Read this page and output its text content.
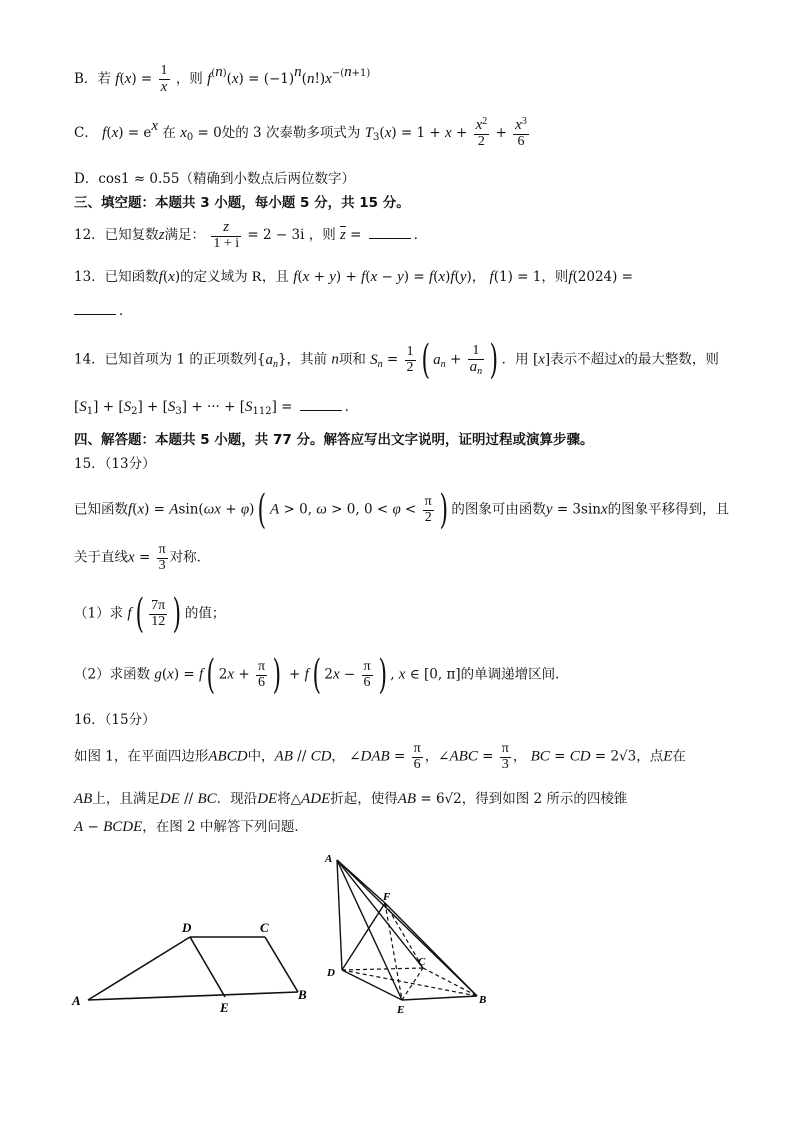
B．若 $f(x) = \frac{1}{x}$ ，则 $f^{(n)}(x) = (-1)^n(n!)x^{-(n+1)}$
C． $f(x) = e^x$ 在 $x_0 = 0$处的 3 次泰勒多项式为 $T_3(x) = 1 + x + \frac{x^2}{2} + \frac{x^3}{6}$
D．cos1 ≈ 0.55（精确到小数点后两位数字）
三、填空题：本题共 3 小题，每小题 5 分，共 15 分。
12．已知复数z满足： $\frac{z}{1 + i} = 2 - 3i$ ，则 $\overline{z}$ =	．
13．已知函数f(x)的定义域为 R，且 f(x + y) + f(x − y) = f(x)f(y)， f(1) = 1，则f(2024) =
．
14．已知首项为 1 的正项数列$\{a_n\}$，其前 n项和 $S_n = \frac{1}{2}$ ( $a_n + \frac{1}{a_n}$ ) ．用 [x]表示不超过x的最大整数，则
$[S_1] + [S_2] + [S_3]$ + ··· + $[S_{112}]$ =	．
四、解答题：本题共 5 小题，共 77 分。解答应写出文字说明，证明过程或演算步骤。
15．（13分）
已知函数f(x) = Asin(ωx + φ)( A > 0, ω > 0, $0 < \varphi < \frac{\pi}{2}$ ) 的图象可由函数y = 3sinx的图象平移得到，且
关于直线$x = \frac{\pi}{3}$ 对称．
（1）求 $f( \frac{7\pi}{12}$ ) 的值；
（2）求函数 g(x) = f( $2x + \frac{\pi}{6}$ ) + f( $2x - \frac{\pi}{6}$ ) , x ∈ [0, π]的单调递增区间．
16．（15分）
如图 1，在平面四边形ABCD中，AB // CD， ∠DAB = $\frac{\pi}{6}$ ，∠ABC = $\frac{\pi}{3}$ ， BC = CD = 2√3，点E在
AB上，且满足DE // BC．现沿DE将△ADE折起，使得AB = 6√2，得到如图 2 所示的四棱锥
A − BCDE，在图 2 中解答下列问题．
A
D	C
B
E
A
F
D
C
E
B
